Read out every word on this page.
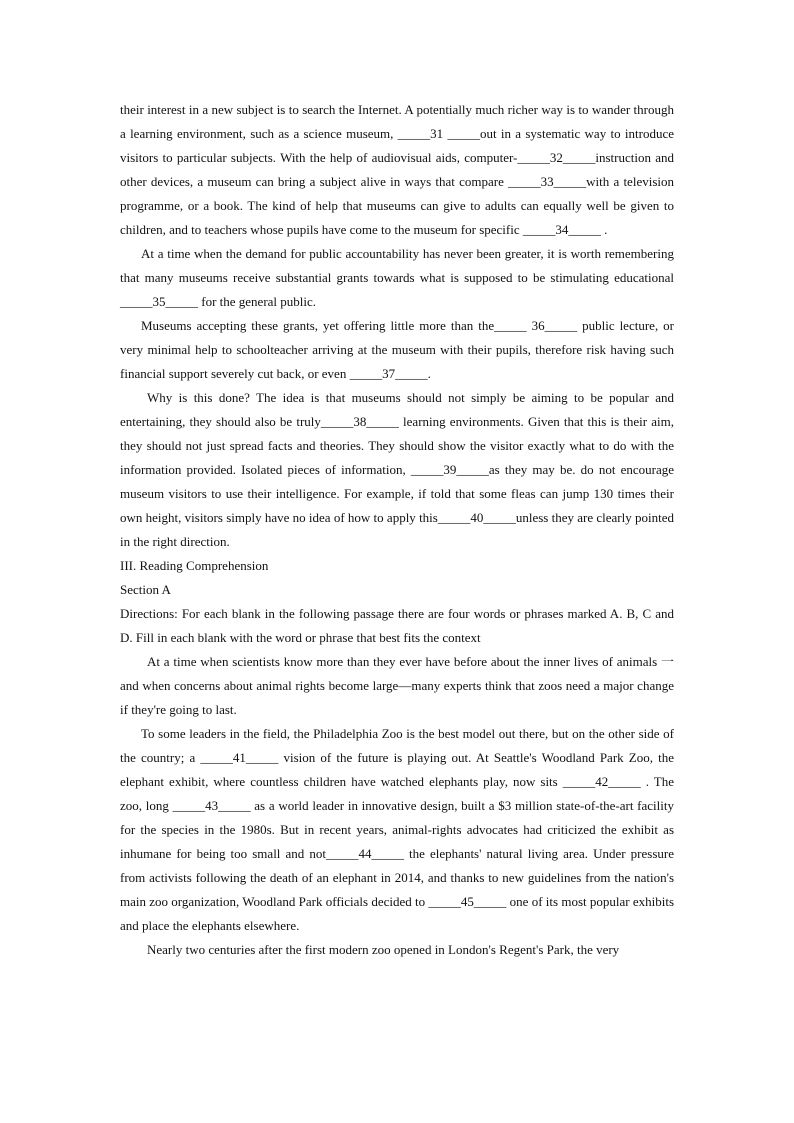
their interest in a new subject is to search the Internet. A potentially much richer way is to wander through a learning environment, such as a science museum, _____31 _____out in a systematic way to introduce visitors to particular subjects. With the help of audiovisual aids, computer-_____32_____instruction and other devices, a museum can bring a subject alive in ways that compare _____33_____with a television programme, or a book. The kind of help that museums can give to adults can equally well be given to children, and to teachers whose pupils have come to the museum for specific _____34_____ .

At a time when the demand for public accountability has never been greater, it is worth remembering that many museums receive substantial grants towards what is supposed to be stimulating educational _____35_____ for the general public.

Museums accepting these grants, yet offering little more than the_____ 36_____ public lecture, or very minimal help to schoolteacher arriving at the museum with their pupils, therefore risk having such financial support severely cut back, or even _____37_____.

Why is this done? The idea is that museums should not simply be aiming to be popular and entertaining, they should also be truly_____38_____ learning environments. Given that this is their aim, they should not just spread facts and theories. They should show the visitor exactly what to do with the information provided. Isolated pieces of information, _____39_____as they may be. do not encourage museum visitors to use their intelligence. For example, if told that some fleas can jump 130 times their own height, visitors simply have no idea of how to apply this_____40_____unless they are clearly pointed in the right direction.

III. Reading Comprehension

Section A

Directions: For each blank in the following passage there are four words or phrases marked A. B, C and D. Fill in each blank with the word or phrase that best fits the context

At a time when scientists know more than they ever have before about the inner lives of animals 一 and when concerns about animal rights become large—many experts think that zoos need a major change if they're going to last.

To some leaders in the field, the Philadelphia Zoo is the best model out there, but on the other side of the country; a _____41_____ vision of the future is playing out. At Seattle's Woodland Park Zoo, the elephant exhibit, where countless children have watched elephants play, now sits _____42_____ . The zoo, long _____43_____ as a world leader in innovative design, built a $3 million state-of-the-art facility for the species in the 1980s. But in recent years, animal-rights advocates had criticized the exhibit as inhumane for being too small and not_____44_____ the elephants' natural living area. Under pressure from activists following the death of an elephant in 2014, and thanks to new guidelines from the nation's main zoo organization, Woodland Park officials decided to _____45_____ one of its most popular exhibits and place the elephants elsewhere.

Nearly two centuries after the first modern zoo opened in London's Regent's Park, the very
